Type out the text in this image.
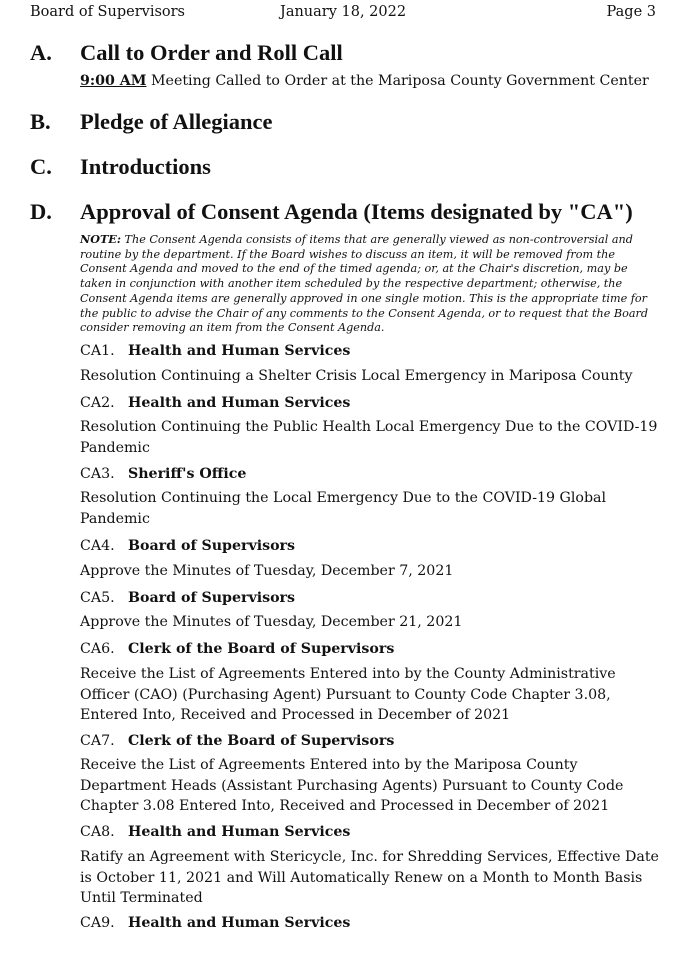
Board of Supervisors	January 18, 2022	Page 3
A. Call to Order and Roll Call
9:00 AM Meeting Called to Order at the Mariposa County Government Center
B. Pledge of Allegiance
C. Introductions
D. Approval of Consent Agenda (Items designated by "CA")
NOTE: The Consent Agenda consists of items that are generally viewed as non-controversial and routine by the department. If the Board wishes to discuss an item, it will be removed from the Consent Agenda and moved to the end of the timed agenda; or, at the Chair's discretion, may be taken in conjunction with another item scheduled by the respective department; otherwise, the Consent Agenda items are generally approved in one single motion. This is the appropriate time for the public to advise the Chair of any comments to the Consent Agenda, or to request that the Board consider removing an item from the Consent Agenda.
CA1. Health and Human Services
Resolution Continuing a Shelter Crisis Local Emergency in Mariposa County
CA2. Health and Human Services
Resolution Continuing the Public Health Local Emergency Due to the COVID-19 Pandemic
CA3. Sheriff's Office
Resolution Continuing the Local Emergency Due to the COVID-19 Global Pandemic
CA4. Board of Supervisors
Approve the Minutes of Tuesday, December 7, 2021
CA5. Board of Supervisors
Approve the Minutes of Tuesday, December 21, 2021
CA6. Clerk of the Board of Supervisors
Receive the List of Agreements Entered into by the County Administrative Officer (CAO) (Purchasing Agent) Pursuant to County Code Chapter 3.08, Entered Into, Received and Processed in December of 2021
CA7. Clerk of the Board of Supervisors
Receive the List of Agreements Entered into by the Mariposa County Department Heads (Assistant Purchasing Agents) Pursuant to County Code Chapter 3.08 Entered Into, Received and Processed in December of 2021
CA8. Health and Human Services
Ratify an Agreement with Stericycle, Inc. for Shredding Services, Effective Date is October 11, 2021 and Will Automatically Renew on a Month to Month Basis Until Terminated
CA9. Health and Human Services
